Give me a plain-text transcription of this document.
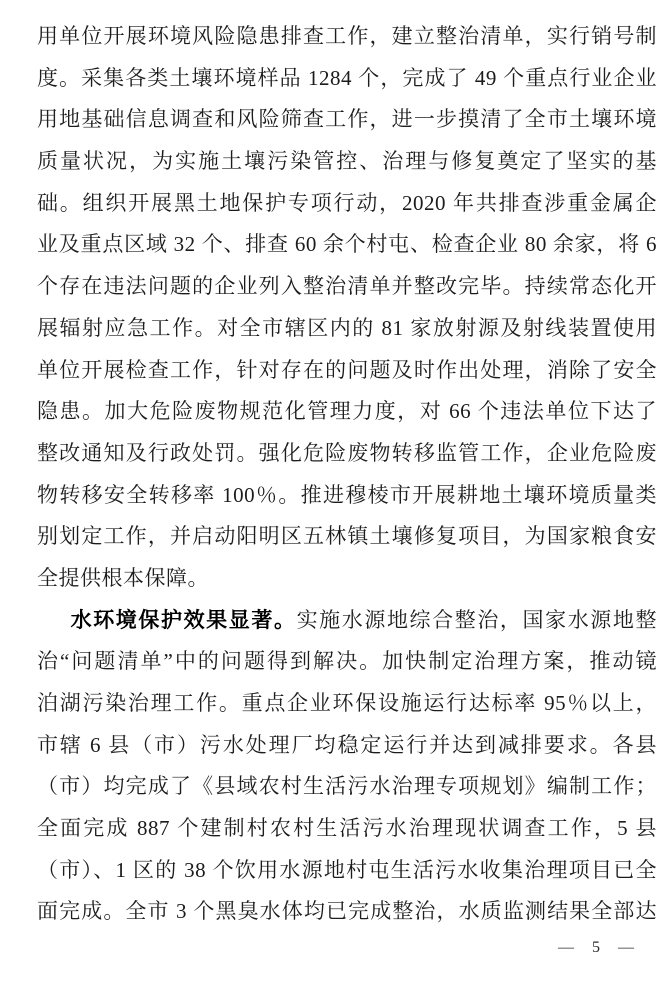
用单位开展环境风险隐患排查工作，建立整治清单，实行销号制
度。采集各类土壤环境样品 1284 个，完成了 49 个重点行业企业
用地基础信息调查和风险筛查工作，进一步摸清了全市土壤环境
质量状况，为实施土壤污染管控、治理与修复奠定了坚实的基
础。组织开展黑土地保护专项行动，2020 年共排查涉重金属企
业及重点区域 32 个、排查 60 余个村屯、检查企业 80 余家，将 6
个存在违法问题的企业列入整治清单并整改完毕。持续常态化开
展辐射应急工作。对全市辖区内的 81 家放射源及射线装置使用
单位开展检查工作，针对存在的问题及时作出处理，消除了安全
隐患。加大危险废物规范化管理力度，对 66 个违法单位下达了
整改通知及行政处罚。强化危险废物转移监管工作，企业危险废
物转移安全转移率 100％。推进穆棱市开展耕地土壤环境质量类
别划定工作，并启动阳明区五林镇土壤修复项目，为国家粮食安
全提供根本保障。
水环境保护效果显著。实施水源地综合整治，国家水源地整
治“问题清单”中的问题得到解决。加快制定治理方案，推动镜
泊湖污染治理工作。重点企业环保设施运行达标率 95％以上，
市辖 6 县（市）污水处理厂均稳定运行并达到减排要求。各县
（市）均完成了《县域农村生活污水治理专项规划》编制工作；
全面完成 887 个建制村农村生活污水治理现状调查工作，5 县
（市）、1 区的 38 个饮用水源地村屯生活污水收集治理项目已全
面完成。全市 3 个黑臭水体均已完成整治，水质监测结果全部达
— 5 —
